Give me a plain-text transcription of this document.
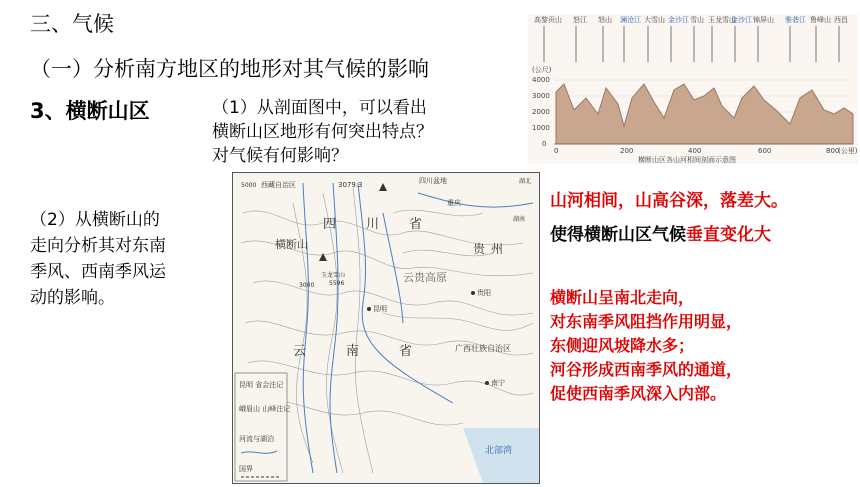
三、气候
（一）分析南方地区的地形对其气候的影响
3、横断山区	（1）从剖面图中，可以看出
横断山区地形有何突出特点？
对气候有何影响？
（2）从横断山的
走向分析其对东南
季风、西南季风运
动的影响。
高黎贡山 怒江 怒山 澜沧江 大雪山 金沙江 雪山 玉龙雪山
金沙江 锦屏山 雅砻江 鲁峰山 西昌
(公尺)
4000
3000
2000
1000
0
0	200	400	600	800
(公里)
横断山区各山河相间剖面示意图
西藏自治区
5000	3079.3	四川盆地
四川省
横断山
玉龙雪山
5596
3000
重庆
湖北
湖南
贵州
贵阳
昆明
云贵高原
云南省 广西壮族自治区
南宁
北部湾
昆明 省会注记
峨眉山 山峰注记
河流与湖泊
国界
山河相间，山高谷深，落差大。
使得横断山区气候垂直变化大
横断山呈南北走向，
对东南季风阻挡作用明显，
东侧迎风坡降水多；
河谷形成西南季风的通道，
促使西南季风深入内部。
